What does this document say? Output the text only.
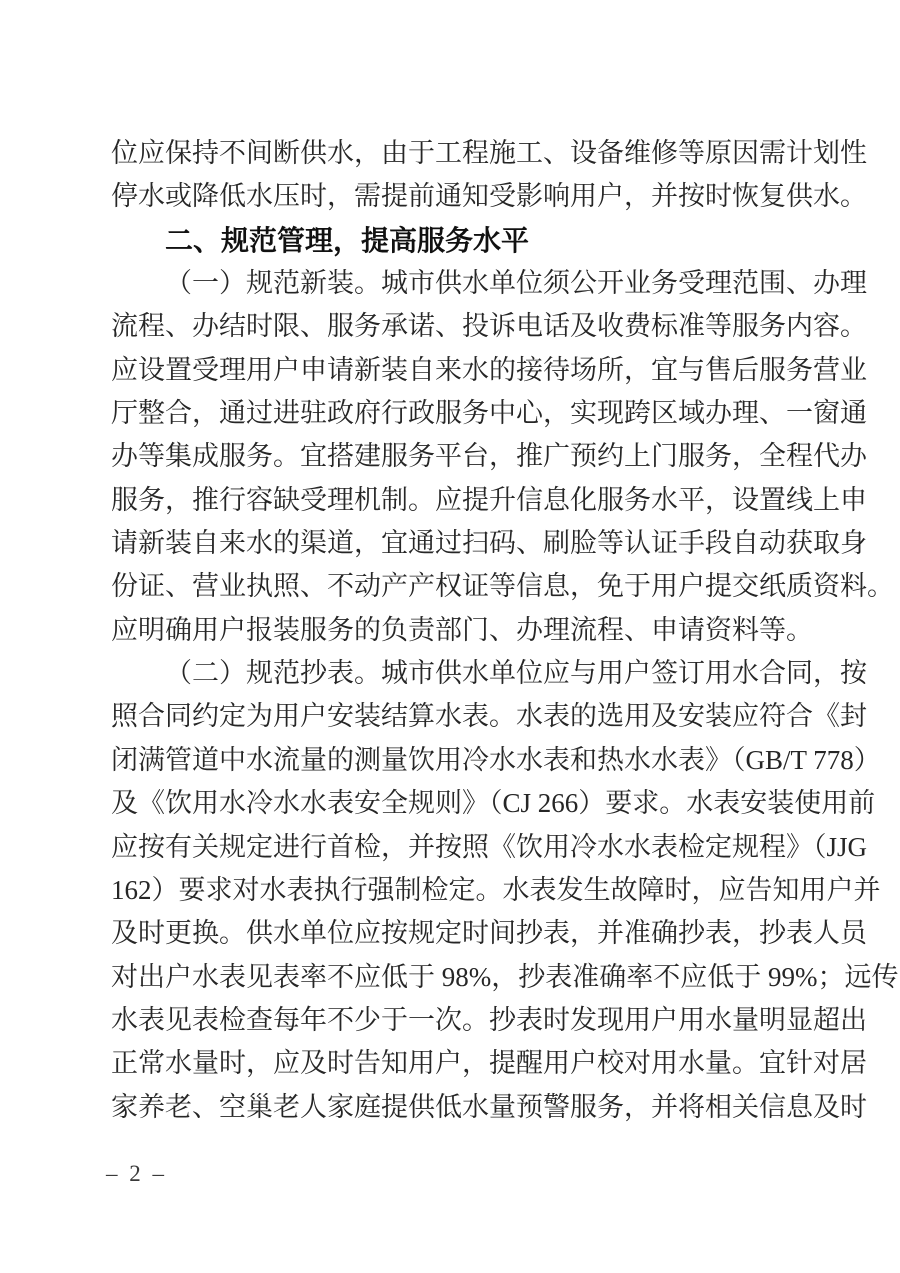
位应保持不间断供水，由于工程施工、设备维修等原因需计划性
停水或降低水压时，需提前通知受影响用户，并按时恢复供水。
二、规范管理，提高服务水平
（一）规范新装。城市供水单位须公开业务受理范围、办理
流程、办结时限、服务承诺、投诉电话及收费标准等服务内容。
应设置受理用户申请新装自来水的接待场所，宜与售后服务营业
厅整合，通过进驻政府行政服务中心，实现跨区域办理、一窗通
办等集成服务。宜搭建服务平台，推广预约上门服务，全程代办
服务，推行容缺受理机制。应提升信息化服务水平，设置线上申
请新装自来水的渠道，宜通过扫码、刷脸等认证手段自动获取身
份证、营业执照、不动产产权证等信息，免于用户提交纸质资料。
应明确用户报装服务的负责部门、办理流程、申请资料等。
（二）规范抄表。城市供水单位应与用户签订用水合同，按
照合同约定为用户安装结算水表。水表的选用及安装应符合《封
闭满管道中水流量的测量饮用冷水水表和热水水表》（GB/T 778）
及《饮用水冷水水表安全规则》（CJ 266）要求。水表安装使用前
应按有关规定进行首检，并按照《饮用冷水水表检定规程》（JJG
162）要求对水表执行强制检定。水表发生故障时，应告知用户并
及时更换。供水单位应按规定时间抄表，并准确抄表，抄表人员
对出户水表见表率不应低于 98%，抄表准确率不应低于 99%；远传
水表见表检查每年不少于一次。抄表时发现用户用水量明显超出
正常水量时，应及时告知用户，提醒用户校对用水量。宜针对居
家养老、空巢老人家庭提供低水量预警服务，并将相关信息及时
– 2 –
